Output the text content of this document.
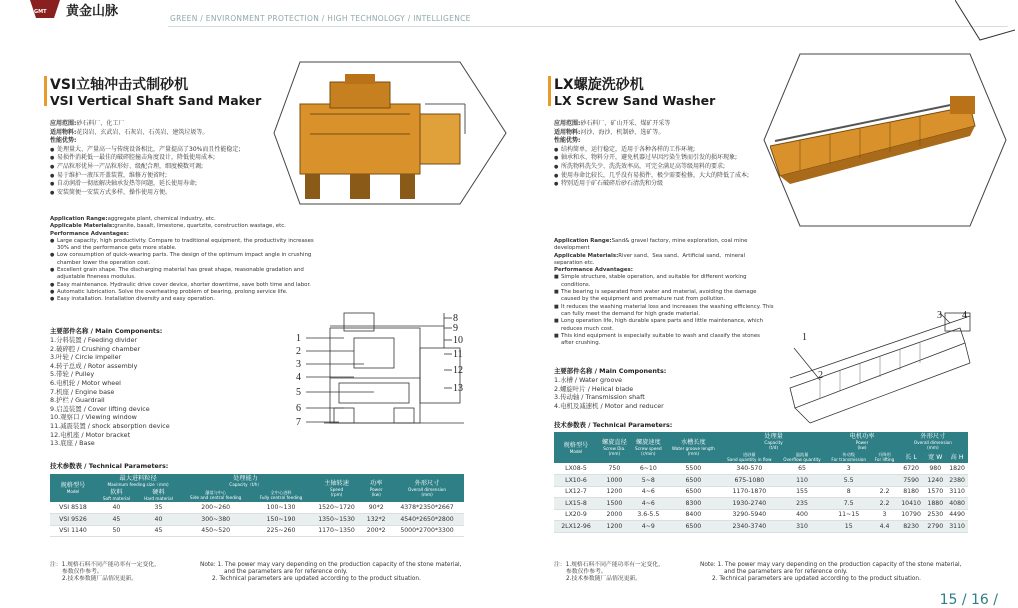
GMT 黄金山脉	GREEN / ENVIRONMENT PROTECTION / HIGH TECHNOLOGY / INTELLIGENCE
VSI立轴冲击式制砂机
VSI Vertical Shaft Sand Maker
应用范围:砂石料厂、化工厂
适用物料:花岗岩、玄武岩、石灰岩、石英岩、建筑垃圾等。
性能优势:
● 处理量大、产量高一与传统设备相比，产量提高了30%而且性能稳定;
● 易损件消耗低一最佳的破碎腔撞击角度设计，降低使用成本;
● 产品粒形优异一产品粒形好、级配合理，细度模数可调;
● 易于维护一液压开盖装置，维修方便省时;
● 自动润滑一彻底解决轴承发热等问题，延长使用寿命;
● 安装简便一安装方式多样，操作使用方便。
Application Range:aggregate plant, chemical industry, etc.
Applicable Materials:granite, basalt, limestone, quartzite, construction wastage, etc.
Performance Advantages:
● Large capacity, high productivity. Compare to traditional equipment, the productivity increases 30% and the performance gets more stable.
● Low consumption of quick-wearing parts. The design of the optimum impact angle in crushing chamber lower the operation cost.
● Excellent grain shape. The discharging material has great shape, reasonable gradation and adjustable fineness modulus.
● Easy maintenance. Hydraulic drive cover device, shorter downtime, save both time and labor.
● Automatic lubrication. Solve the overheating problem of bearing, prolong service life.
● Easy installation. Installation diversity and easy operation.
主要部件名称 / Main Components:
1.分料装置 / Feeding divider
2.破碎腔 / Crushing chamber
3.叶轮 / Circle impeller
4.转子总成 / Rotor assembly
5.带轮 / Pulley
6.电机轮 / Motor wheel
7.机座 / Engine base
8.护栏 / Guardrail
9.启盖装置 / Cover lifting device
10.观察口 / Viewing window
11.减震装置 / shock absorption device
12.电机座 / Motor bracket
13.底座 / Base
1
2
3
4
5
6
7
8
9
10
11
12
13
技术参数表 / Technical Parameters:
规格型号
Model	最大进料粒径
Maximum feeding size（mm)		处理能力
Capacity（t/h）		主轴转速
Speed
(rpm)	功率
Power
(kw)	外形尺寸
Overall dimension
(mm)

	软料
Soft material	硬料
Hard material	瀑落与中心
Side and central feeding	全中心进料
Fully central feeding			

VSI 8518	40	35	200~260	100~130	1520~1720	90*2	4378*2350*2667
VSI 9526	45	40	300~380	150~190	1350~1530	132*2	4540*2650*2800
VSI 1140	50	45	450~520	225~260	1170~1350	200*2	5000*2700*3300
注：1.规格石料不同产能功率有一定变化，
参数仅作参考。
2.技术参数随厂品情况更新。
Note: 1. The power may vary depending on the production capacity of the stone material,
and the parameters are for reference only.
2. Technical parameters are updated according to the product situation.
LX螺旋洗砂机
LX Screw Sand Washer
应用范围:砂石料厂、矿山开采、煤矿开采等
适用物料:河沙、海沙、机制砂、选矿等。
性能优势:
● 结构简单，运行稳定，适用于各种各样的工作环境;
● 轴承和水、物料分开，避免机器过早因污染生锈而引发的损坏现象;
● 所洗物料洗失少、洗洗效率高，可完全满足高等级用料的要求;
● 使用寿命比较长，几乎没有易损件，极少需要检修，大大的降低了成本;
● 特别适用于矿石破碎后砂石清洗和分级
Application Range:Sand& gravel factory, mine exploration, coal mine development
Applicable Materials:River sand、Sea sand、Artificial sand、mineral separation etc.
Performance Advantages:
■ Simple structure, stable operation, and suitable for different working conditions.
■ The bearing is separated from water and material, avoiding the damage caused by the equipment and premature rust from pollution.
■ It reduces the washing material loss and increases the washing efficiency. This can fully meet the demand for high grade material.
■ Long operation life, high durable spare parts and little maintenance, which reduces much cost.
■ This kind equipment is especially suitable to wash and classify the stones after crushing.
1
2
3 4
主要部件名称 / Main Components:
1.水槽 / Water groove
2.螺旋叶片 / Helical blade
3.传动轴 / Transmission shaft
4.电机及减速机 / Motor and reducer
技术参数表 / Technical Parameters:
规格型号
Model	螺旋直径
Screw Dia.
(mm)	螺旋速度
Screw speed
(r/min)	水槽长度
Water groove length
(mm)	处理量
Capacity
(t/d)		电机功率
Power
(kw)		外形尺寸
Overall dimension
(mm)		

				进砂量
Sand quantity in flow	溢流量
Overflow quantity	传动级
For transmission	升降用
For lifting	长 L	宽 W	高 H
LX08-5	750	6~10	5500	340-570	65	3		6720	980	1820
LX10-6	1000	5~8	6500	675-1080	110	5.5		7590	1240	2380
LX12-7	1200	4~6	6500	1170-1870	155	8	2.2	8180	1570	3110
LX15-8	1500	4~6	8300	1930-2740	235	7.5	2.2	10410	1880	4080
LX20-9	2000	3.6-5.5	8400	3290-5940	400	11~15	3	10790	2530	4490
2LX12-96	1200	4~9	6500	2340-3740	310	15	4.4	8230	2790	3110
注：1.规格石料不同产能功率有一定变化，
参数仅作参考。
2.技术参数随厂品情况更新。
Note: 1. The power may vary depending on the production capacity of the stone material,
and the parameters are for reference only.
2. Technical parameters are updated according to the product situation.
15 / 16 /
